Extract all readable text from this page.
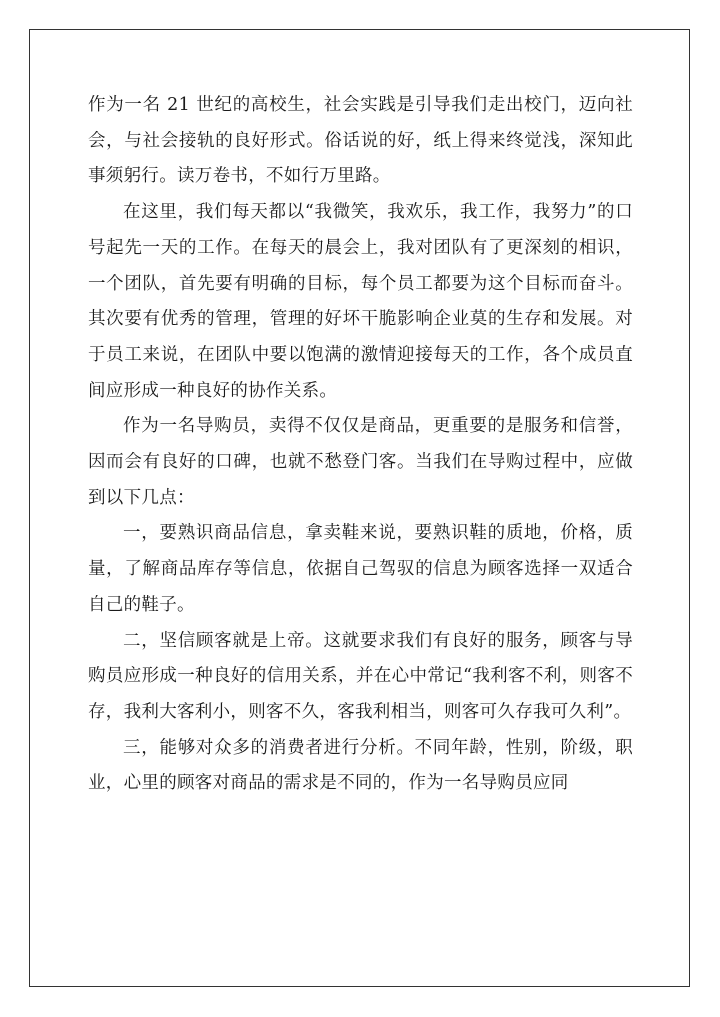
作为一名 21 世纪的高校生，社会实践是引导我们走出校门，迈向社会，与社会接轨的良好形式。俗话说的好，纸上得来终觉浅，深知此事须躬行。读万卷书，不如行万里路。

在这里，我们每天都以“我微笑，我欢乐，我工作，我努力”的口号起先一天的工作。在每天的晨会上，我对团队有了更深刻的相识，一个团队，首先要有明确的目标，每个员工都要为这个目标而奋斗。其次要有优秀的管理，管理的好坏干脆影响企业莫的生存和发展。对于员工来说，在团队中要以饱满的激情迎接每天的工作，各个成员直间应形成一种良好的协作关系。

作为一名导购员，卖得不仅仅是商品，更重要的是服务和信誉，因而会有良好的口碑，也就不愁登门客。当我们在导购过程中，应做到以下几点：

一，要熟识商品信息，拿卖鞋来说，要熟识鞋的质地，价格，质量，了解商品库存等信息，依据自己驾驭的信息为顾客选择一双适合自己的鞋子。

二，坚信顾客就是上帝。这就要求我们有良好的服务，顾客与导购员应形成一种良好的信用关系，并在心中常记“我利客不利，则客不存，我利大客利小，则客不久，客我利相当，则客可久存我可久利”。

三，能够对众多的消费者进行分析。不同年龄，性别，阶级，职业，心里的顾客对商品的需求是不同的，作为一名导购员应同
